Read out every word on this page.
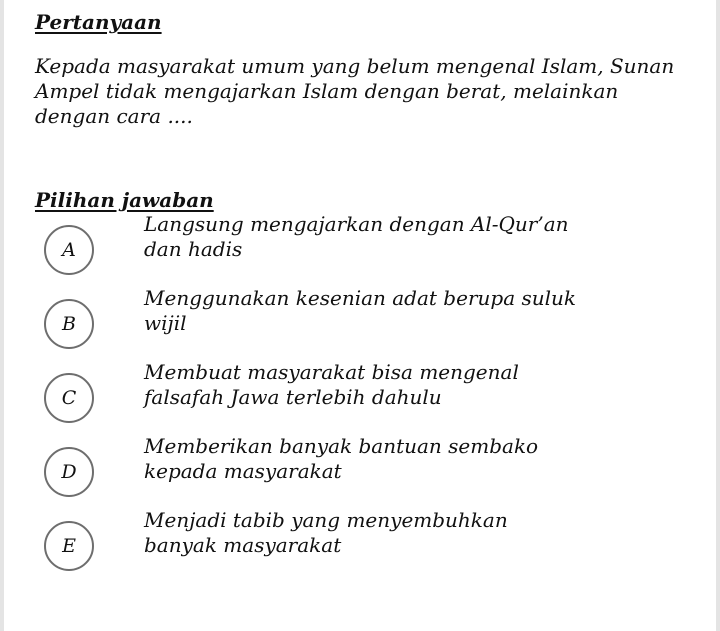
Pertanyaan
Kepada masyarakat umum yang belum mengenal Islam, Sunan Ampel tidak mengajarkan Islam dengan berat, melainkan dengan cara ....
Pilihan jawaban
A
Langsung mengajarkan dengan Al-Qur’an dan hadis
B
Menggunakan kesenian adat berupa suluk wijil
C
Membuat masyarakat bisa mengenal falsafah Jawa terlebih dahulu
D
Memberikan banyak bantuan sembako kepada masyarakat
E
Menjadi tabib yang menyembuhkan banyak masyarakat
